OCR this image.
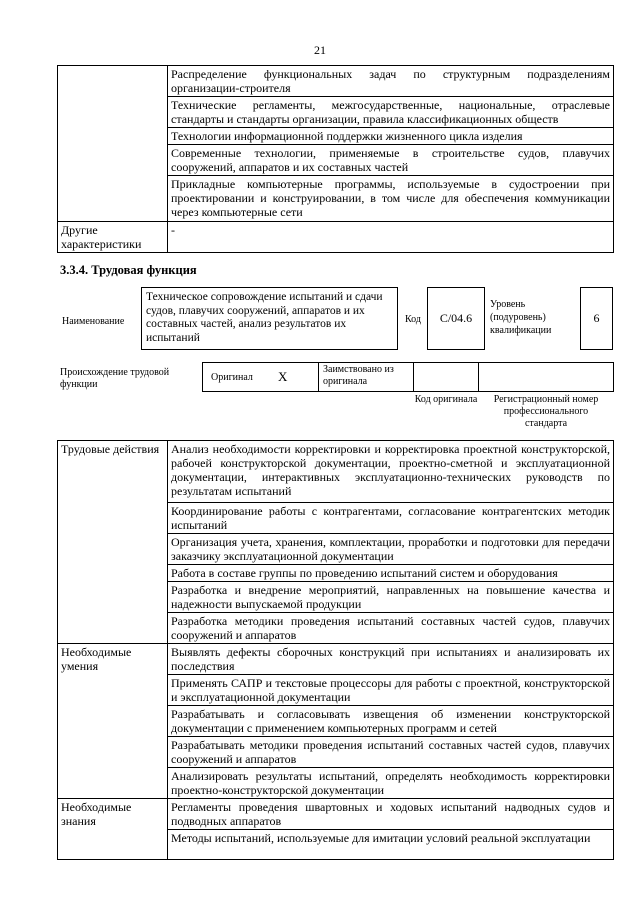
21
	Распределение функциональных задач по структурным подразделениям организации-строителя
	Технические регламенты, межгосударственные, национальные, отраслевые стандарты и стандарты организации, правила классификационных обществ
	Технологии информационной поддержки жизненного цикла изделия
	Современные технологии, применяемые в строительстве судов, плавучих сооружений, аппаратов и их составных частей
	Прикладные компьютерные программы, используемые в судостроении при проектировании и конструировании, в том числе для обеспечения коммуникации через компьютерные сети
Другие характеристики	-
3.3.4. Трудовая функция
Наименование
Техническое сопровождение испытаний и сдачи судов, плавучих сооружений, аппаратов и их составных частей, анализ результатов их испытаний
Код C/04.6
Уровень (подуровень) квалификации
6
Происхождение трудовой функции
Оригинал X	Заимствовано из оригинала
Код оригинала	Регистрационный номер профессионального стандарта
Трудовые действия	Анализ необходимости корректировки и корректировка проектной конструкторской, рабочей конструкторской документации, проектно-сметной и эксплуатационной документации, интерактивных эксплуатационно-технических руководств по результатам испытаний
	Координирование работы с контрагентами, согласование контрагентских методик испытаний
	Организация учета, хранения, комплектации, проработки и подготовки для передачи заказчику эксплуатационной документации
	Работа в составе группы по проведению испытаний систем и оборудования
	Разработка и внедрение мероприятий, направленных на повышение качества и надежности выпускаемой продукции
	Разработка методики проведения испытаний составных частей судов, плавучих сооружений и аппаратов
Необходимые умения	Выявлять дефекты сборочных конструкций при испытаниях и анализировать их последствия
	Применять САПР и текстовые процессоры для работы с проектной, конструкторской и эксплуатационной документации
	Разрабатывать и согласовывать извещения об изменении конструкторской документации с применением компьютерных программ и сетей
	Разрабатывать методики проведения испытаний составных частей судов, плавучих сооружений и аппаратов
	Анализировать результаты испытаний, определять необходимость корректировки проектно-конструкторской документации
Необходимые знания	Регламенты проведения швартовных и ходовых испытаний надводных судов и подводных аппаратов
	Методы испытаний, используемые для имитации условий реальной эксплуатации
